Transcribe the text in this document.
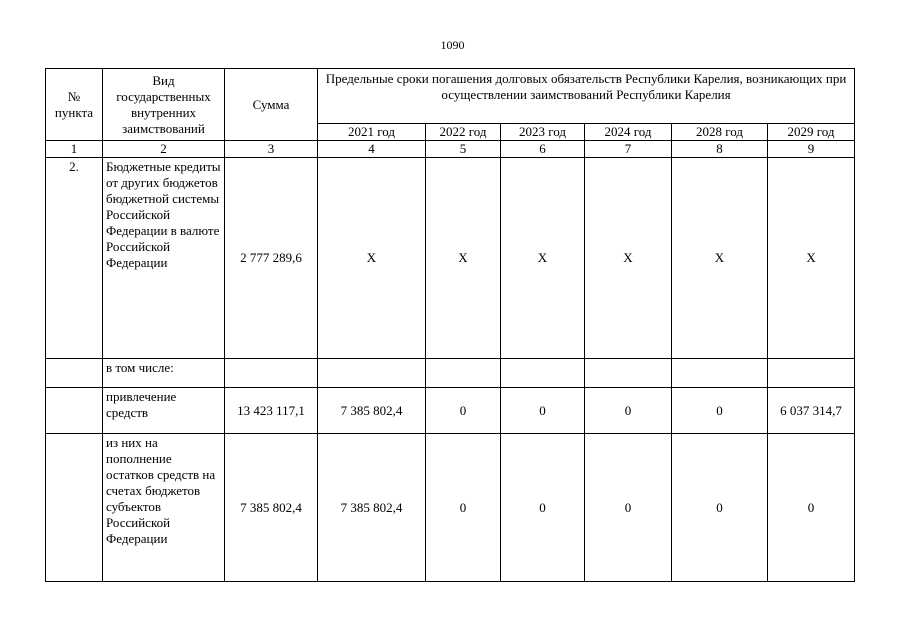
1090
№ пункта	Вид государственных внутренних заимствований	Сумма	Предельные сроки погашения долговых обязательств Республики Карелия, возникающих при осуществлении заимствований Республики Карелия					
			2021 год	2022 год	2023 год	2024 год	2028 год	2029 год
1	2	3	4	5	6	7	8	9
2.	Бюджетные кредиты от других бюджетов бюджетной системы Российской Федерации в валюте Российской Федерации	2 777 289,6	X	X	X	X	X	X
	в том числе:							
	привлечение средств	13 423 117,1	7 385 802,4	0	0	0	0	6 037 314,7
	из них на пополнение остатков средств на счетах бюджетов субъектов Российской Федерации	7 385 802,4	7 385 802,4	0	0	0	0	0
